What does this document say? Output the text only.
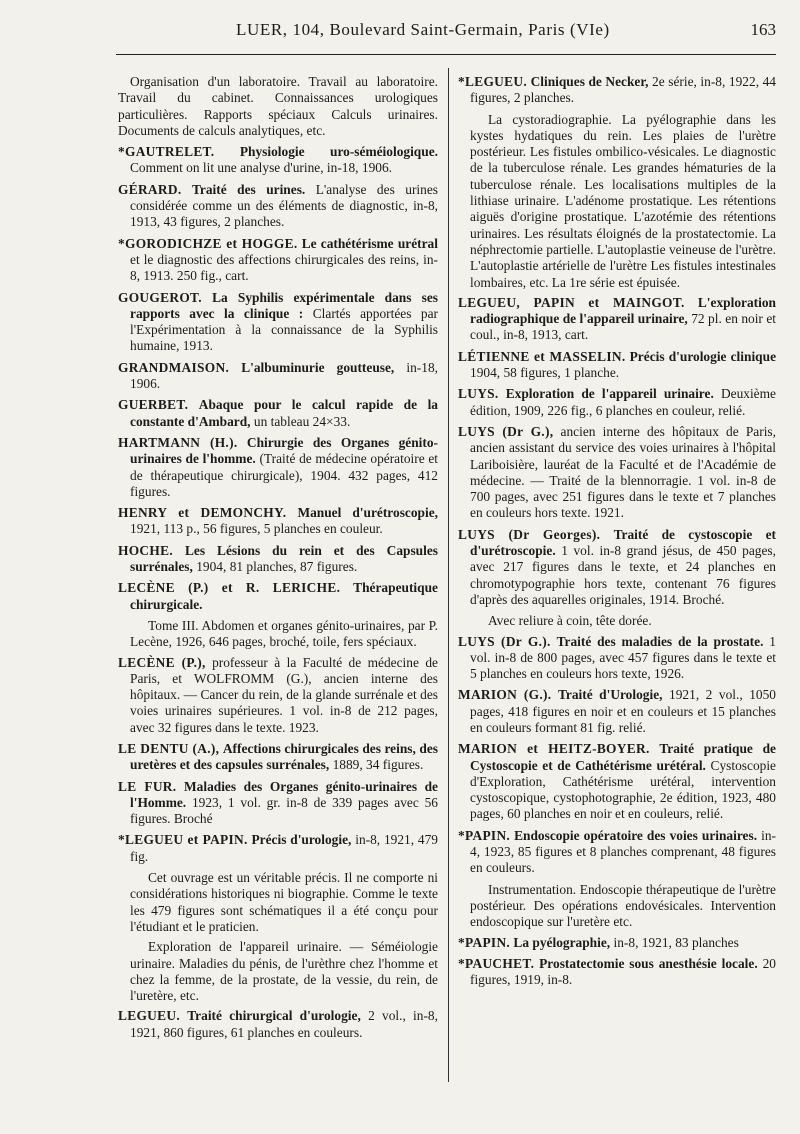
LUER, 104, Boulevard Saint-Germain, Paris (VIe)	163

Organisation d'un laboratoire. Travail au laboratoire. Travail du cabinet. Connaissances urologiques particulières. Rapports spéciaux Calculs urinaires. Documents de calculs analytiques, etc.

*GAUTRELET. Physiologie uro-séméiologique. Comment on lit une analyse d'urine, in-18, 1906.

GÉRARD. Traité des urines. L'analyse des urines considérée comme un des éléments de diagnostic, in-8, 1913, 43 figures, 2 planches.

*GORODICHZE et HOGGE. Le cathétérisme urétral et le diagnostic des affections chirurgicales des reins, in-8, 1913. 250 fig., cart.

GOUGEROT. La Syphilis expérimentale dans ses rapports avec la clinique : Clartés apportées par l'Expérimentation à la connaissance de la Syphilis humaine, 1913.

GRANDMAISON. L'albuminurie goutteuse, in-18, 1906.

GUERBET. Abaque pour le calcul rapide de la constante d'Ambard, un tableau 24×33.

HARTMANN (H.). Chirurgie des Organes génito-urinaires de l'homme. (Traité de médecine opératoire et de thérapeutique chirurgicale), 1904. 432 pages, 412 figures.

HENRY et DEMONCHY. Manuel d'urétroscopie, 1921, 113 p., 56 figures, 5 planches en couleur.

HOCHE. Les Lésions du rein et des Capsules surrénales, 1904, 81 planches, 87 figures.

LECÈNE (P.) et R. LERICHE. Thérapeutique chirurgicale.

Tome III. Abdomen et organes génito-urinaires, par P. Lecène, 1926, 646 pages, broché, toile, fers spéciaux.

LECÈNE (P.), professeur à la Faculté de médecine de Paris, et WOLFROMM (G.), ancien interne des hôpitaux. — Cancer du rein, de la glande surrénale et des voies urinaires supérieures. 1 vol. in-8 de 212 pages, avec 32 figures dans le texte. 1923.

LE DENTU (A.), Affections chirurgicales des reins, des uretères et des capsules surrénales, 1889, 34 figures.

LE FUR. Maladies des Organes génito-urinaires de l'Homme. 1923, 1 vol. gr. in-8 de 339 pages avec 56 figures. Broché

*LEGUEU et PAPIN. Précis d'urologie, in-8, 1921, 479 fig.

Cet ouvrage est un véritable précis. Il ne comporte ni considérations historiques ni biographie. Comme le texte les 479 figures sont schématiques il a été conçu pour l'étudiant et le praticien.

Exploration de l'appareil urinaire. — Séméiologie urinaire. Maladies du pénis, de l'urèthre chez l'homme et chez la femme, de la prostate, de la vessie, du rein, de l'uretère, etc.

LEGUEU. Traité chirurgical d'urologie, 2 vol., in-8, 1921, 860 figures, 61 planches en couleurs.

*LEGUEU. Cliniques de Necker, 2e série, in-8, 1922, 44 figures, 2 planches.

La cystoradiographie. La pyélographie dans les kystes hydatiques du rein. Les plaies de l'urètre postérieur. Les fistules ombilico-vésicales. Le diagnostic de la tuberculose rénale. Les grandes hématuries de la tuberculose rénale. Les localisations multiples de la lithiase urinaire. L'adénome prostatique. Les rétentions aiguës d'origine prostatique. L'azotémie des rétentions urinaires. Les résultats éloignés de la prostatectomie. La néphrectomie partielle. L'autoplastie veineuse de l'urètre. L'autoplastie artérielle de l'urètre Les fistules intestinales lombaires, etc. La 1re série est épuisée.

LEGUEU, PAPIN et MAINGOT. L'exploration radiographique de l'appareil urinaire, 72 pl. en noir et coul., in-8, 1913, cart.

LÉTIENNE et MASSELIN. Précis d'urologie clinique 1904, 58 figures, 1 planche.

LUYS. Exploration de l'appareil urinaire. Deuxième édition, 1909, 226 fig., 6 planches en couleur, relié.

LUYS (Dr G.), ancien interne des hôpitaux de Paris, ancien assistant du service des voies urinaires à l'hôpital Lariboisière, lauréat de la Faculté et de l'Académie de médecine. — Traité de la blennorragie. 1 vol. in-8 de 700 pages, avec 251 figures dans le texte et 7 planches en couleurs hors texte. 1921.

LUYS (Dr Georges). Traité de cystoscopie et d'urétroscopie. 1 vol. in-8 grand jésus, de 450 pages, avec 217 figures dans le texte, et 24 planches en chromotypographie hors texte, contenant 76 figures d'après des aquarelles originales, 1914. Broché.

Avec reliure à coin, tête dorée.

LUYS (Dr G.). Traité des maladies de la prostate. 1 vol. in-8 de 800 pages, avec 457 figures dans le texte et 5 planches en couleurs hors texte, 1926.

MARION (G.). Traité d'Urologie, 1921, 2 vol., 1050 pages, 418 figures en noir et en couleurs et 15 planches en couleurs formant 81 fig. relié.

MARION et HEITZ-BOYER. Traité pratique de Cystoscopie et de Cathétérisme urétéral. Cystoscopie d'Exploration, Cathétérisme urétéral, intervention cystoscopique, cystophotographie, 2e édition, 1923, 480 pages, 60 planches en noir et en couleurs, relié.

*PAPIN. Endoscopie opératoire des voies urinaires. in-4, 1923, 85 figures et 8 planches comprenant, 48 figures en couleurs.

Instrumentation. Endoscopie thérapeutique de l'urètre postérieur. Des opérations endovésicales. Intervention endoscopique sur l'uretère etc.

*PAPIN. La pyélographie, in-8, 1921, 83 planches

*PAUCHET. Prostatectomie sous anesthésie locale. 20 figures, 1919, in-8.
